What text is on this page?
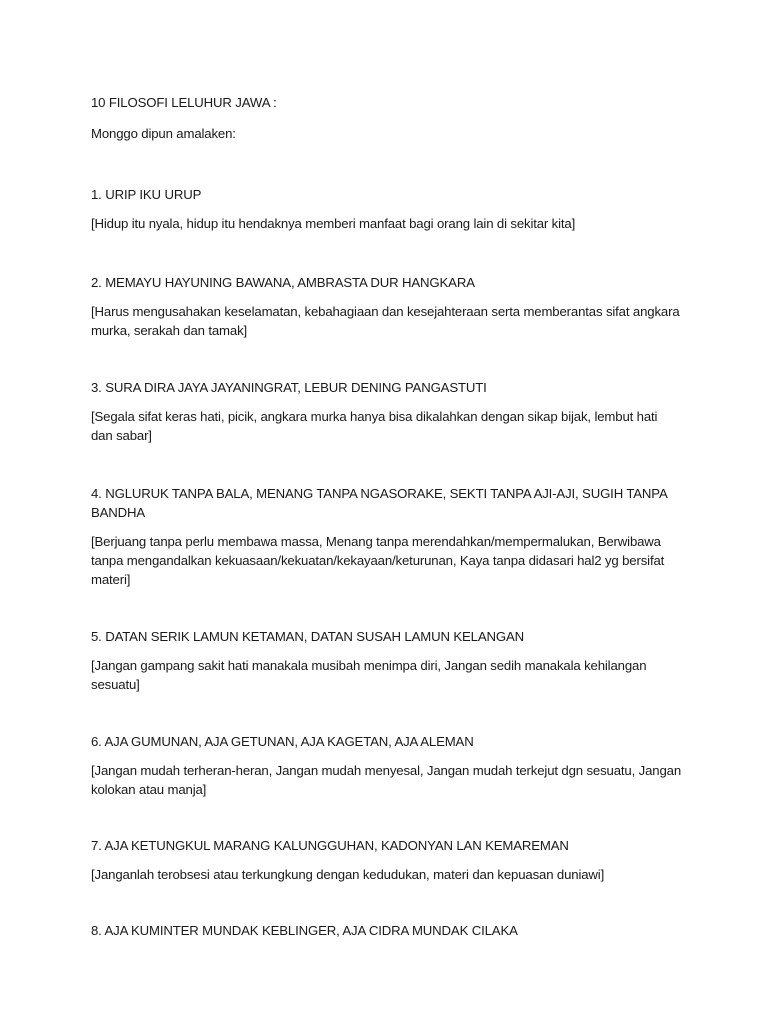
10 FILOSOFI LELUHUR JAWA :

Monggo dipun amalaken:

1. URIP IKU URUP

[Hidup itu nyala, hidup itu hendaknya memberi manfaat bagi orang lain di sekitar kita]

2. MEMAYU HAYUNING BAWANA, AMBRASTA DUR HANGKARA

[Harus mengusahakan keselamatan, kebahagiaan dan kesejahteraan serta memberantas sifat angkara murka, serakah dan tamak]

3. SURA DIRA JAYA JAYANINGRAT, LEBUR DENING PANGASTUTI

[Segala sifat keras hati, picik, angkara murka hanya bisa dikalahkan dengan sikap bijak, lembut hati dan sabar]

4. NGLURUK TANPA BALA, MENANG TANPA NGASORAKE, SEKTI TANPA AJI-AJI, SUGIH TANPA BANDHA

[Berjuang tanpa perlu membawa massa, Menang tanpa merendahkan/mempermalukan, Berwibawa tanpa mengandalkan kekuasaan/kekuatan/kekayaan/keturunan, Kaya tanpa didasari hal2 yg bersifat materi]

5. DATAN SERIK LAMUN KETAMAN, DATAN SUSAH LAMUN KELANGAN

[Jangan gampang sakit hati manakala musibah menimpa diri, Jangan sedih manakala kehilangan sesuatu]

6. AJA GUMUNAN, AJA GETUNAN, AJA KAGETAN, AJA ALEMAN

[Jangan mudah terheran-heran, Jangan mudah menyesal, Jangan mudah terkejut dgn sesuatu, Jangan kolokan atau manja]

7. AJA KETUNGKUL MARANG KALUNGGUHAN, KADONYAN LAN KEMAREMAN

[Janganlah terobsesi atau terkungkung dengan kedudukan, materi dan kepuasan duniawi]

8. AJA KUMINTER MUNDAK KEBLINGER, AJA CIDRA MUNDAK CILAKA
